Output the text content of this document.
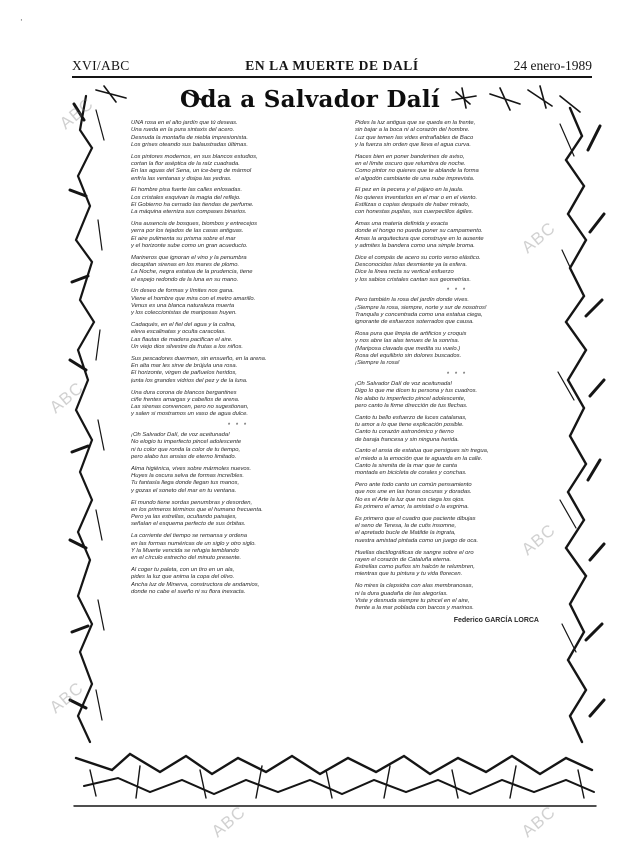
XVI/ABC	EN LA MUERTE DE DALÍ	24 enero-1989
Oda a Salvador Dalí

UNA rosa en el alto jardín que tú deseas.

Una rueda en la pura sintaxis del acero.

Desnuda la montaña de niebla impresionista.

Los grises oteando sus balaustradas últimas.

Los pintores modernos, en sus blancos estudios,

cortan la flor aséptica de la raíz cuadrada.

En las aguas del Sena, un ice-berg de mármol

enfría las ventanas y disipa las yedras.

El hombre pisa fuerte las calles enlosadas.

Los cristales esquivan la magia del reflejo.

El Gobierno ha cerrado las tiendas de perfume.

La máquina eterniza sus compases binarios.

Una ausencia de bosques, biombos y entrecejos

yerra por los tejados de las casas antiguas.

El aire pulimenta su prisma sobre el mar

y el horizonte sube como un gran acueducto.

Marineros que ignoran el vino y la penumbra

decapitan sirenas en los mares de plomo.

La Noche, negra estatua de la prudencia, tiene

el espejo redondo de la luna en su mano.

Un deseo de formas y límites nos gana.

Viene el hombre que mira con el metro amarillo.

Venus es una blanca naturaleza muerta

y los coleccionistas de mariposas huyen.

Cadaqués, en el fiel del agua y la colina,

eleva escalinatas y oculta caracolas.

Las flautas de madera pacifican el aire.

Un viejo dios silvestre da frutas a los niños.

Sus pescadores duermen, sin ensueño, en la arena.

En alta mar les sirve de brújula una rosa.

El horizonte, virgen de pañuelos heridos,

junta los grandes vidrios del pez y de la luna.

Una dura corona de blancos bergantines

ciñe frentes amargas y cabellos de arena.

Las sirenas convencen, pero no sugestionan,

y salen si mostramos un vaso de agua dulce.

* * *

¡Oh Salvador Dalí, de voz aceitunada!

No elogio tu imperfecto pincel adolescente

ni tu color que ronda la color de tu tiempo,

pero alabo tus ansias de eterno limitado.

Alma higiénica, vives sobre mármoles nuevos.

Huyes la oscura selva de formas increíbles.

Tu fantasía llega donde llegan tus manos,

y gozas el soneto del mar en tu ventana.

El mundo tiene sordas penumbras y desorden,

en los primeros términos que el humano frecuenta.

Pero ya las estrellas, ocultando paisajes,

señalan el esquema perfecto de sus órbitas.

La corriente del tiempo se remansa y ordena

en las formas numéricas de un siglo y otro siglo.

Y la Muerte vencida se refugia temblando

en el círculo estrecho del minuto presente.

Al coger tu paleta, con un tiro en un ala,

pides la luz que anima la copa del olivo.

Ancha luz de Minerva, constructora de andamios,

donde no cabe el sueño ni su flora inexacta.

Pides la luz antigua que se queda en la frente,

sin bajar a la boca ni al corazón del hombre.

Luz que temen las vides entrañables de Baco

y la fuerza sin orden que lleva el agua curva.

Haces bien en poner banderines de aviso,

en el límite oscuro que relumbra de noche.

Como pintor no quieres que te ablande la forma

el algodón cambiante de una nube imprevista.

El pez en la pecera y el pájaro en la jaula.

No quieres inventarlos en el mar o en el viento.

Estilizas o copias después de haber mirado,

con honestas pupilas, sus cuerpecillos ágiles.

Amas una materia definida y exacta

donde el hongo no pueda poner su campamento.

Amas la arquitectura que construye en lo ausente

y admites la bandera como una simple broma.

Dice el compás de acero su corto verso elástico.

Desconocidas islas desmiente ya la esfera.

Dice la línea recta su vertical esfuerzo

y los sabios cristales cantan sus geometrías.

* * *

Pero también la rosa del jardín donde vives.

¡Siempre la rosa, siempre, norte y sur de nosotros!

Tranquila y concentrada como una estatua ciega,

ignorante de esfuerzos soterrados que causa.

Rosa pura que limpia de artificios y croquis

y nos abre las alas tenues de la sonrisa.

(Mariposa clavada que medita su vuelo.)

Rosa del equilibrio sin dolores buscados.

¡Siempre la rosa!

* * *

¡Oh Salvador Dalí de voz aceitunada!

Digo lo que me dicen tu persona y tus cuadros.

No alabo tu imperfecto pincel adolescente,

pero canto la firme dirección de tus flechas.

Canto tu bello esfuerzo de luces catalanas,

tu amor a lo que tiene explicación posible.

Canto tu corazón astronómico y tierno

de baraja francesa y sin ninguna herida.

Canto el ansia de estatua que persigues sin tregua,

el miedo a la emoción que te aguarda en la calle.

Canto la sirenita de la mar que te canta

montada en bicicleta de corales y conchas.

Pero ante todo canto un común pensamiento

que nos une en las horas oscuras y doradas.

No es el Arte la luz que nos ciega los ojos.

Es primero el amor, la amistad o la esgrima.

Es primero que el cuadro que paciente dibujas

el seno de Teresa, la de cutis insomne,

el apretado bucle de Matilde la ingrata,

nuestra amistad pintada como un juego de oca.

Huellas dactilográficas de sangre sobre el oro

rayen el corazón de Cataluña eterna.

Estrellas como puños sin halcón te relumbren,

mientras que tu pintura y tu vida florecen.

No mires la clepsidra con alas membranosas,

ni la dura guadaña de las alegorías.

Viste y desnuda siempre tu pincel en el aire,

frente a la mar poblada con barcos y marinos.

Federico GARCÍA LORCA
ABC
ABC
ABC
ABC
ABC
ABC	ABC
·
